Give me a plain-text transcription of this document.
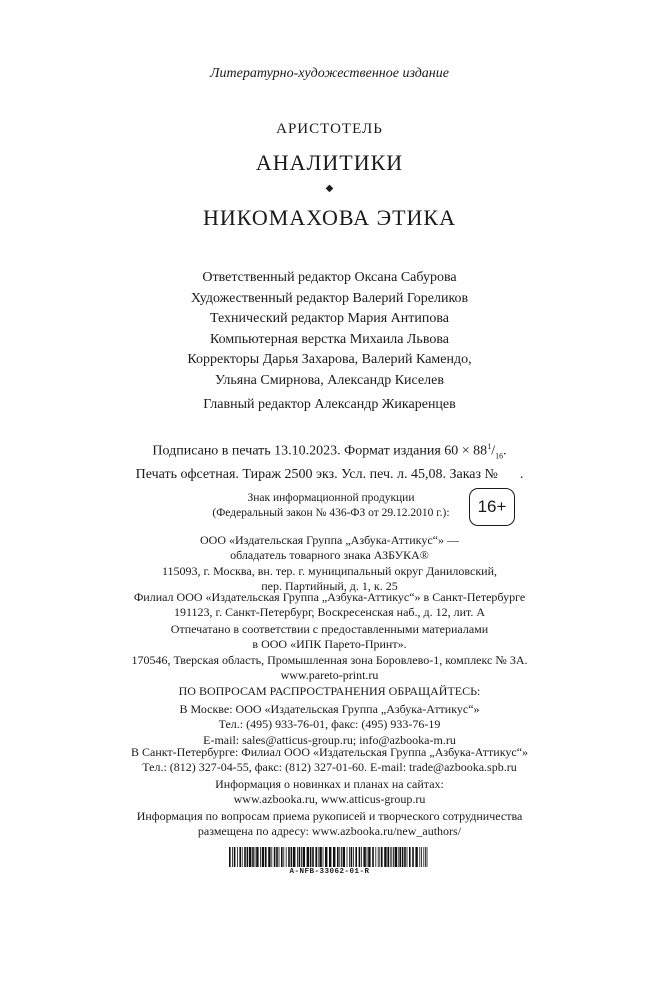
Литературно-художественное издание
АРИСТОТЕЛЬ
АНАЛИТИКИ
◆
НИКОМАХОВА ЭТИКА
Ответственный редактор Оксана Сабурова
Художественный редактор Валерий Гореликов
Технический редактор Мария Антипова
Компьютерная верстка Михаила Львова
Корректоры Дарья Захарова, Валерий Камендо,
Ульяна Смирнова, Александр Киселев
Главный редактор Александр Жикаренцев
Подписано в печать 13.10.2023. Формат издания $60 \times 88^1/_{16}$.
Печать офсетная. Тираж 2500 экз. Усл. печ. л. 45,08. Заказ № .
Знак информационной продукции
(Федеральный закон № 436-ФЗ от 29.12.2010 г.):	16+
ООО «Издательская Группа „Азбука-Аттикус“» —
обладатель товарного знака АЗБУКА®
115093, г. Москва, вн. тер. г. муниципальный округ Даниловский,
пер. Партийный, д. 1, к. 25
Филиал ООО «Издательская Группа „Азбука-Аттикус“» в Санкт-Петербурге
191123, г. Санкт-Петербург, Воскресенская наб., д. 12, лит. А
Отпечатано в соответствии с предоставленными материалами
в ООО «ИПК Парето-Принт».
170546, Тверская область, Промышленная зона Боровлево-1, комплекс № 3А.
www.pareto-print.ru
ПО ВОПРОСАМ РАСПРОСТРАНЕНИЯ ОБРАЩАЙТЕСЬ:
В Москве: ООО «Издательская Группа „Азбука-Аттикус“»
Тел.: (495) 933-76-01, факс: (495) 933-76-19
E-mail: sales@atticus-group.ru; info@azbooka-m.ru
В Санкт-Петербурге: Филиал ООО «Издательская Группа „Азбука-Аттикус“»
Тел.: (812) 327-04-55, факс: (812) 327-01-60. E-mail: trade@azbooka.spb.ru
Информация о новинках и планах на сайтах:
www.azbooka.ru, www.atticus-group.ru
Информация по вопросам приема рукописей и творческого сотрудничества
размещена по адресу: www.azbooka.ru/new_authors/
A-NFB-33062-01-R
